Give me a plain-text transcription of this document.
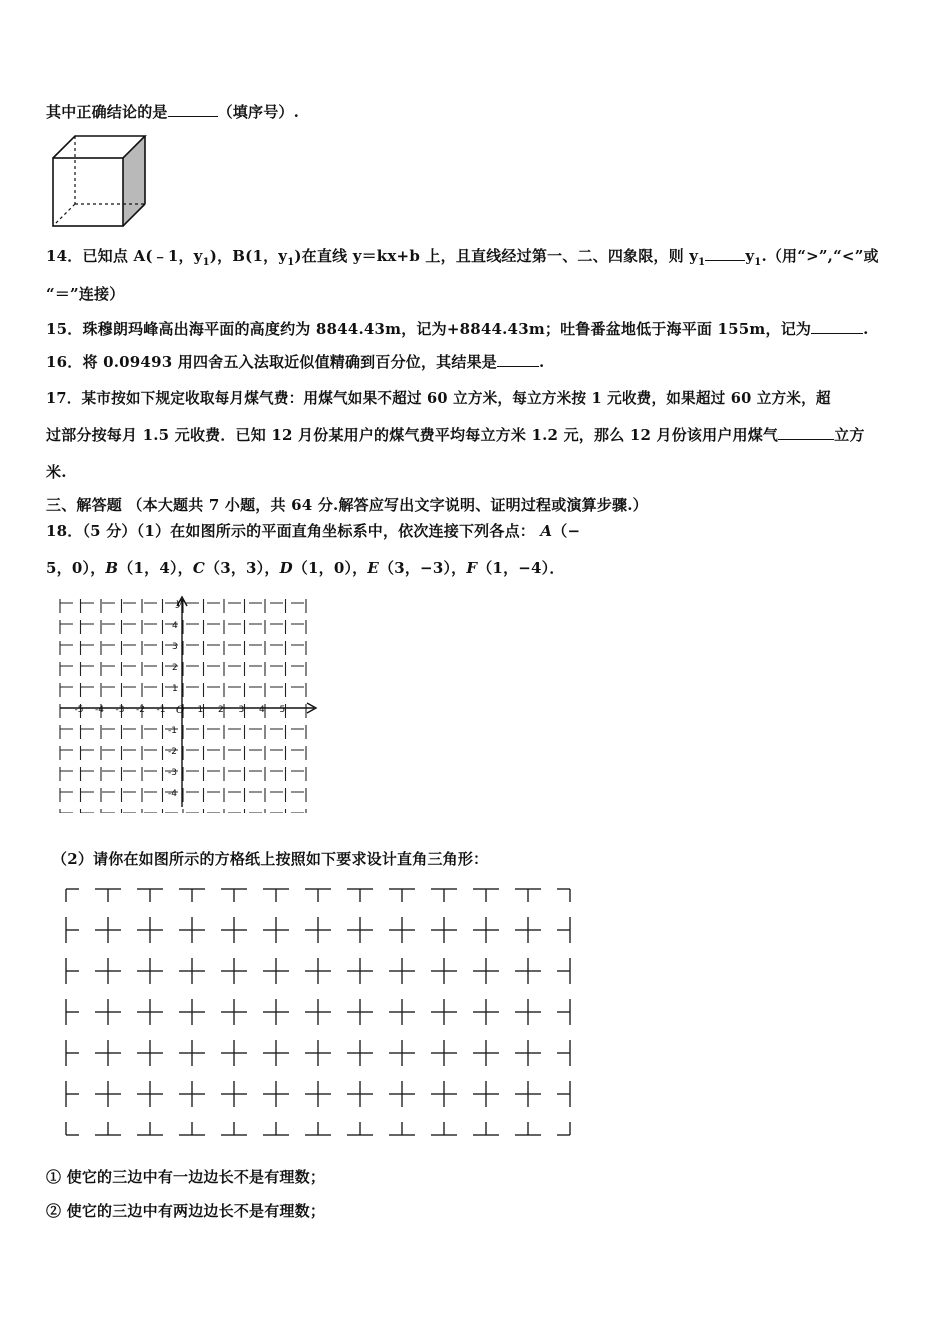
其中正确结论的是	（填序号）.
14．已知点 A(﹣1，$y_1$)，B(1，$y_1$)在直线 y＝kx+b 上，且直线经过第一、二、四象限，则 $y_1$	$y_1$.（用“>”,“<”或
“＝”连接）
15．珠穆朗玛峰高出海平面的高度约为 8844.43m，记为+8844.43m；吐鲁番盆地低于海平面 155m，记为	.
16．将 0.09493 用四舍五入法取近似值精确到百分位，其结果是	.
17．某市按如下规定收取每月煤气费：用煤气如果不超过 60 立方米，每立方米按 1 元收费，如果超过 60 立方米，超
过部分按每月 1.5 元收费．已知 12 月份某用户的煤气费平均每立方米 1.2 元，那么 12 月份该用户用煤气	立方
米.
三、解答题 （本大题共 7 小题，共 64 分.解答应写出文字说明、证明过程或演算步骤.）
18．（5 分）（1）在如图所示的平面直角坐标系中，依次连接下列各点： A（−
5，0），B（1，4），C（3，3），D（1，0），E（3，−3），F（1，−4）．
y
O
-5 -4 -3 -2 -1	1 2 3 4 5
4
3
2
1
-1
-2
-3
-4
（2）请你在如图所示的方格纸上按照如下要求设计直角三角形：
① 使它的三边中有一边边长不是有理数；
② 使它的三边中有两边边长不是有理数；
